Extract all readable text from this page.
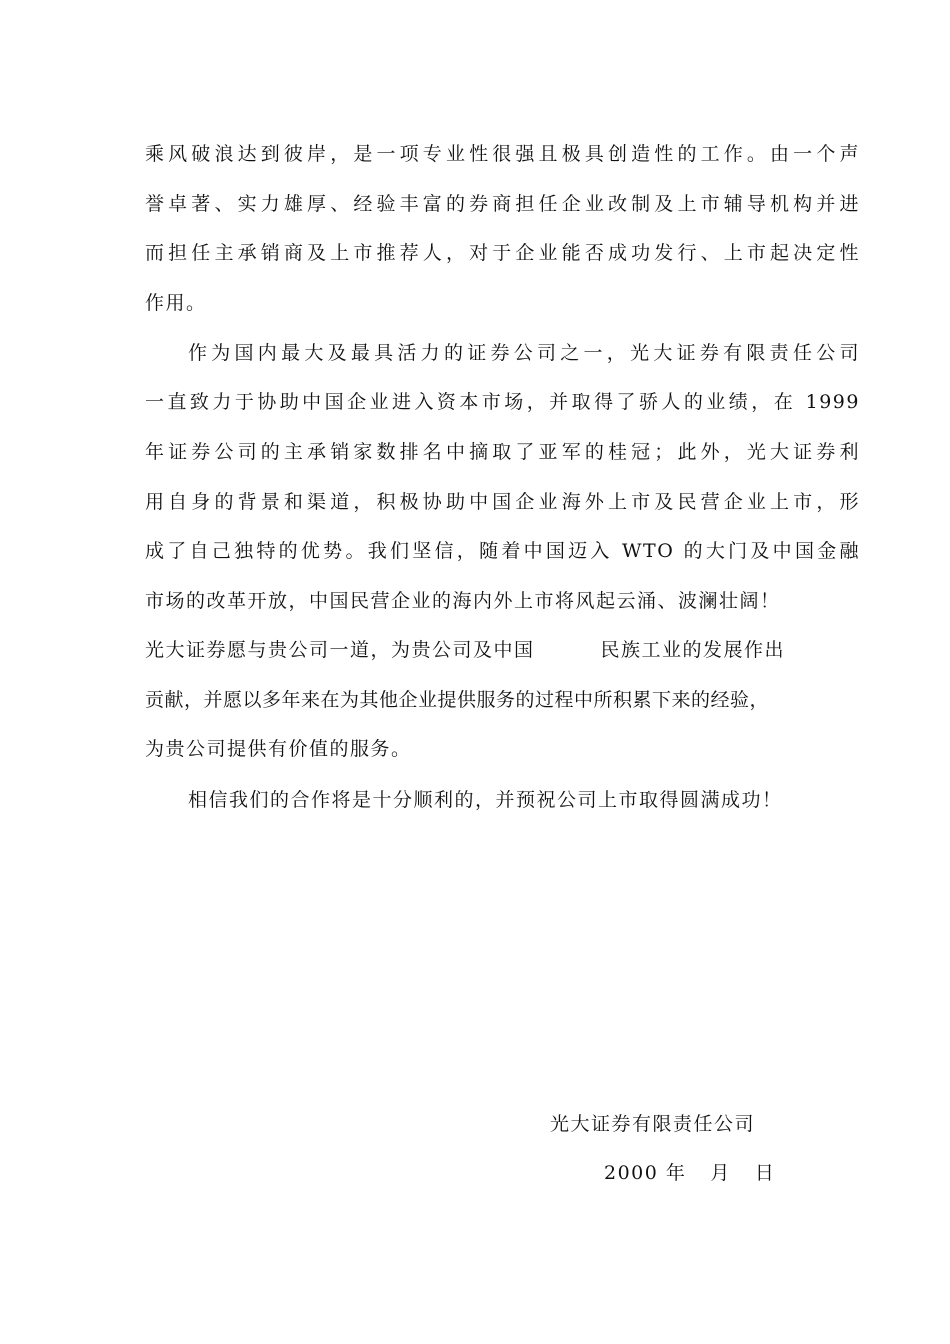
乘风破浪达到彼岸，是一项专业性很强且极具创造性的工作。由一个声
誉卓著、实力雄厚、经验丰富的券商担任企业改制及上市辅导机构并进
而担任主承销商及上市推荐人，对于企业能否成功发行、上市起决定性
作用。
作为国内最大及最具活力的证券公司之一，光大证券有限责任公司
一直致力于协助中国企业进入资本市场，并取得了骄人的业绩，在 1999
年证券公司的主承销家数排名中摘取了亚军的桂冠；此外，光大证券利
用自身的背景和渠道，积极协助中国企业海外上市及民营企业上市，形
成了自己独特的优势。我们坚信，随着中国迈入 WTO 的大门及中国金融
市场的改革开放，中国民营企业的海内外上市将风起云涌、波澜壮阔！
光大证券愿与贵公司一道，为贵公司及中国	民族工业的发展作出
贡献，并愿以多年来在为其他企业提供服务的过程中所积累下来的经验，
为贵公司提供有价值的服务。
相信我们的合作将是十分顺利的，并预祝公司上市取得圆满成功！
光大证券有限责任公司
2000 年 月 日
